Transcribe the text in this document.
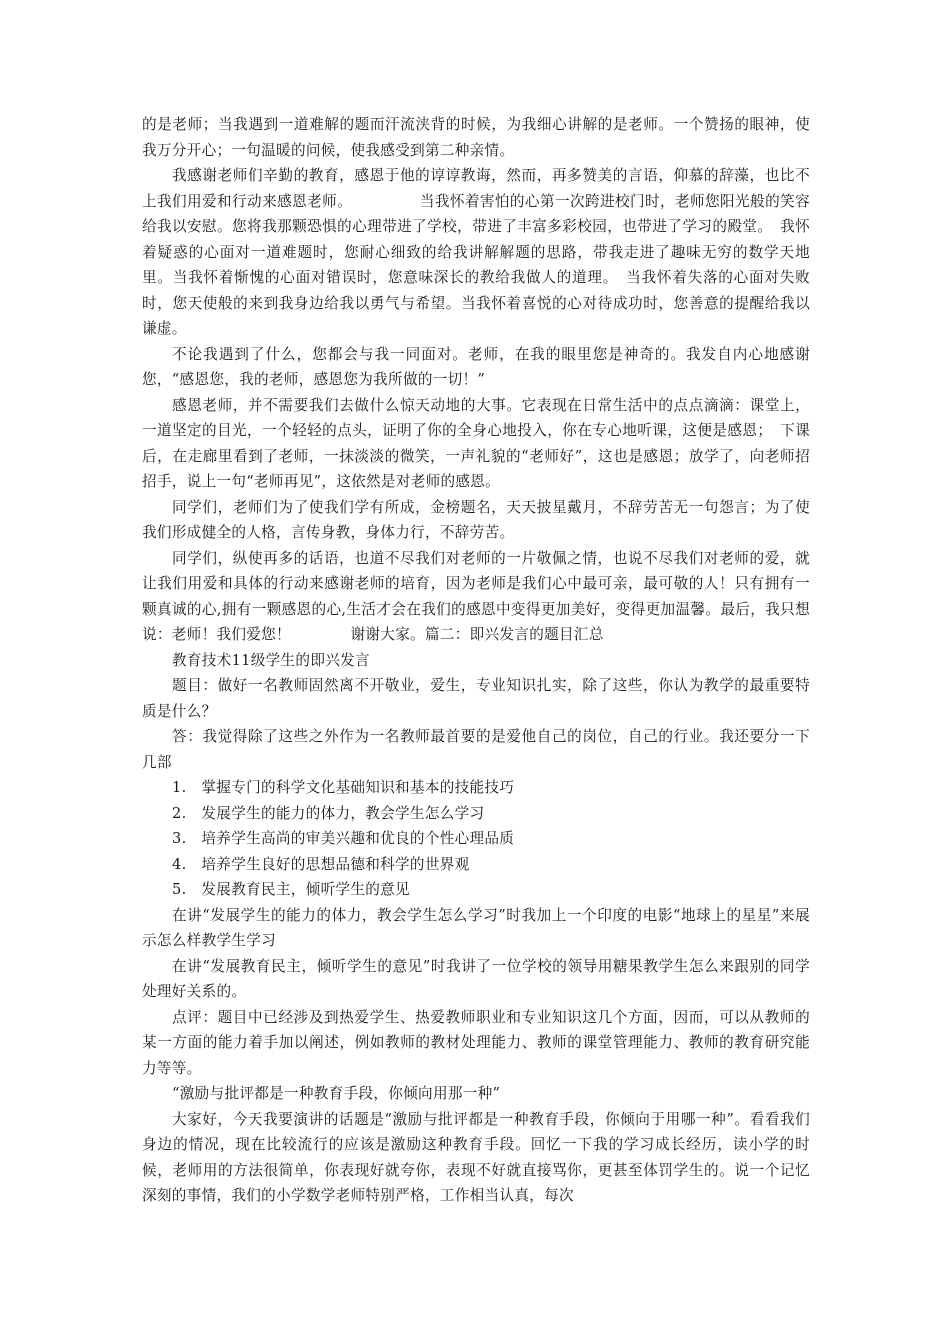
的是老师；当我遇到一道难解的题而汗流浃背的时候，为我细心讲解的是老师。一个赞扬的眼神，使我万分开心；一句温暖的问候，使我感受到第二种亲情。

我感谢老师们辛勤的教育，感恩于他的谆谆教诲，然而，再多赞美的言语，仰慕的辞藻，也比不上我们用爱和行动来感恩老师。　　　　　当我怀着害怕的心第一次跨进校门时，老师您阳光般的笑容给我以安慰。您将我那颗恐惧的心理带进了学校，带进了丰富多彩校园，也带进了学习的殿堂。　我怀着疑惑的心面对一道难题时，您耐心细致的给我讲解解题的思路，带我走进了趣味无穷的数学天地里。当我怀着惭愧的心面对错误时，您意味深长的教给我做人的道理。　当我怀着失落的心面对失败时，您天使般的来到我身边给我以勇气与希望。当我怀着喜悦的心对待成功时，您善意的提醒给我以谦虚。

不论我遇到了什么，您都会与我一同面对。老师，在我的眼里您是神奇的。我发自内心地感谢您，“感恩您，我的老师，感恩您为我所做的一切！”

感恩老师，并不需要我们去做什么惊天动地的大事。它表现在日常生活中的点点滴滴：课堂上，一道坚定的目光，一个轻轻的点头，证明了你的全身心地投入，你在专心地听课，这便是感恩；　下课后，在走廊里看到了老师，一抹淡淡的微笑，一声礼貌的“老师好”，这也是感恩；放学了，向老师招招手，说上一句“老师再见”，这依然是对老师的感恩。

同学们，老师们为了使我们学有所成，金榜题名，天天披星戴月，不辞劳苦无一句怨言；为了使我们形成健全的人格，言传身教，身体力行，不辞劳苦。

同学们，纵使再多的话语，也道不尽我们对老师的一片敬佩之情，也说不尽我们对老师的爱，就让我们用爱和具体的行动来感谢老师的培育，因为老师是我们心中最可亲，最可敬的人！只有拥有一颗真诚的心,拥有一颗感恩的心,生活才会在我们的感恩中变得更加美好，变得更加温馨。最后，我只想说：老师！我们爱您！　　　　谢谢大家。篇二：即兴发言的题目汇总

教育技术11级学生的即兴发言

题目：做好一名教师固然离不开敬业，爱生，专业知识扎实，除了这些，你认为教学的最重要特质是什么？

答：我觉得除了这些之外作为一名教师最首要的是爱他自己的岗位，自己的行业。我还要分一下几部

1.　掌握专门的科学文化基础知识和基本的技能技巧

2.　发展学生的能力的体力，教会学生怎么学习

3.　培养学生高尚的审美兴趣和优良的个性心理品质

4.　培养学生良好的思想品德和科学的世界观

5.　发展教育民主，倾听学生的意见

在讲“发展学生的能力的体力，教会学生怎么学习”时我加上一个印度的电影“地球上的星星”来展示怎么样教学生学习

在讲“发展教育民主，倾听学生的意见”时我讲了一位学校的领导用糖果教学生怎么来跟别的同学处理好关系的。

点评：题目中已经涉及到热爱学生、热爱教师职业和专业知识这几个方面，因而，可以从教师的某一方面的能力着手加以阐述，例如教师的教材处理能力、教师的课堂管理能力、教师的教育研究能力等等。

“激励与批评都是一种教育手段，你倾向用那一种”

大家好，今天我要演讲的话题是“激励与批评都是一种教育手段，你倾向于用哪一种”。看看我们身边的情况，现在比较流行的应该是激励这种教育手段。回忆一下我的学习成长经历，读小学的时候，老师用的方法很简单，你表现好就夸你，表现不好就直接骂你，更甚至体罚学生的。说一个记忆深刻的事情，我们的小学数学老师特别严格，工作相当认真，每次
